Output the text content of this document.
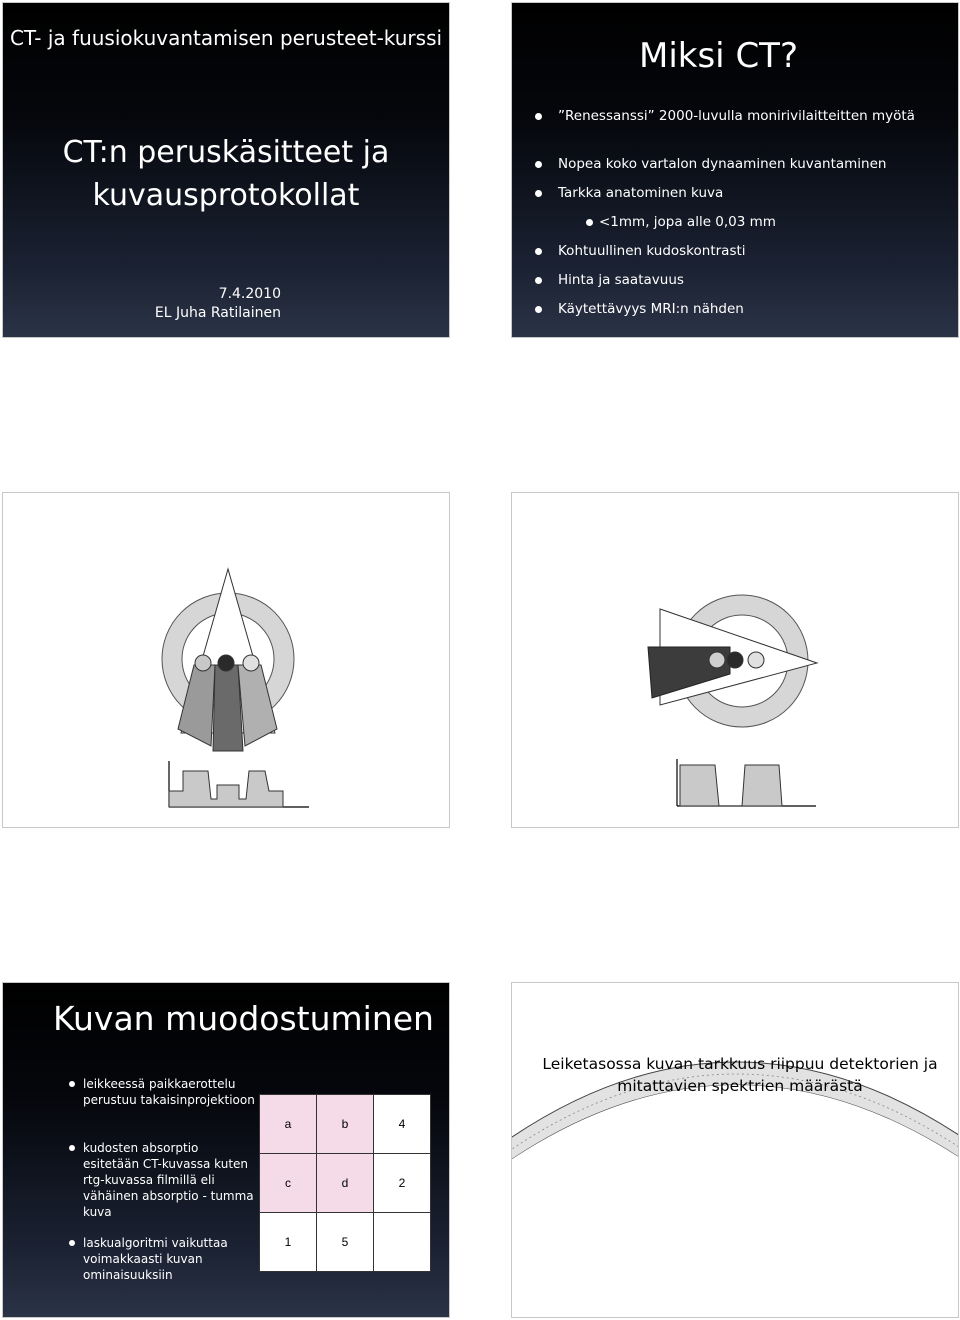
CT- ja fuusiokuvantamisen perusteet-kurssi
CT:n peruskäsitteet ja
kuvausprotokollat
7.4.2010
EL Juha Ratilainen
Miksi CT?
”Renessanssi” 2000-luvulla monirivilaitteitten myötä
Nopea koko vartalon dynaaminen kuvantaminen
Tarkka anatominen kuva
<1mm, jopa alle 0,03 mm
Kohtuullinen kudoskontrasti
Hinta ja saatavuus
Käytettävyys MRI:n nähden
Kuvan muodostuminen
leikkeessä paikkaerottelu perustuu takaisinprojektioon
kudosten absorptio esitetään CT-kuvassa kuten rtg-kuvassa filmillä eli vähäinen absorptio - tumma kuva
laskualgoritmi vaikuttaa voimakkaasti kuvan ominaisuuksiin
a	b	4
c	d	2
1	5	
Leiketasossa kuvan tarkkuus riippuu detektorien ja mitattavien spektrien määrästä
